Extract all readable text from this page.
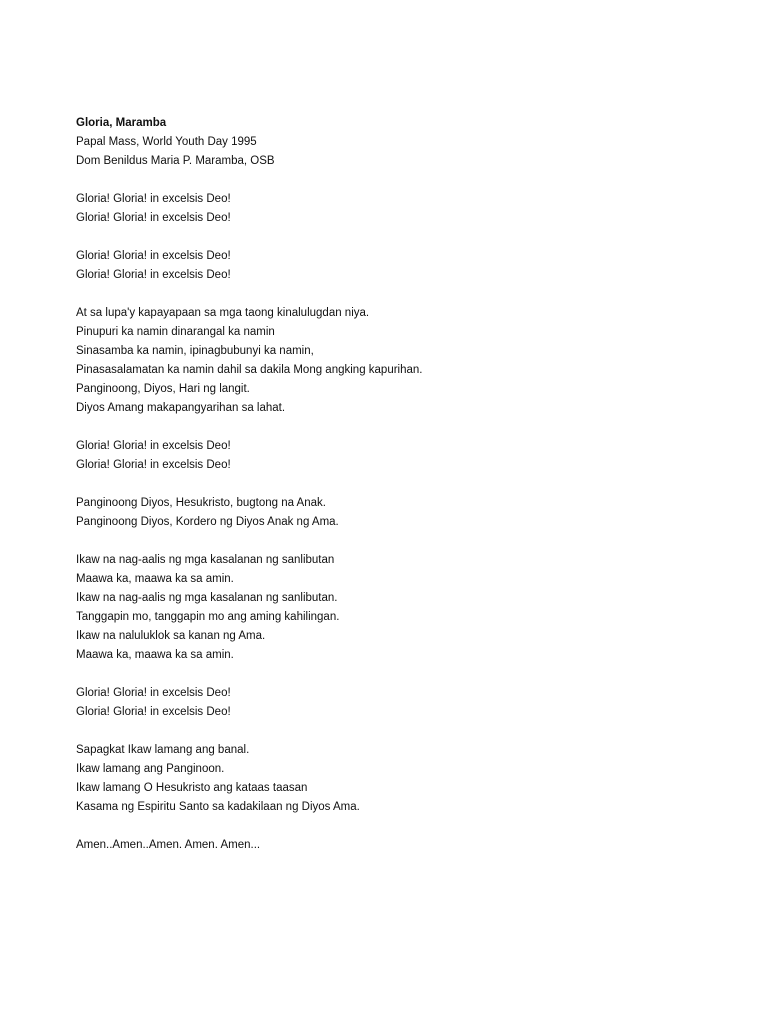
Gloria, Maramba
Papal Mass, World Youth Day 1995
Dom Benildus Maria P. Maramba, OSB
Gloria! Gloria! in excelsis Deo!
Gloria! Gloria! in excelsis Deo!
Gloria! Gloria! in excelsis Deo!
Gloria! Gloria! in excelsis Deo!
At sa lupa'y kapayapaan sa mga taong kinalulugdan niya.
Pinupuri ka namin dinarangal ka namin
Sinasamba ka namin, ipinagbubunyi ka namin,
Pinasasalamatan ka namin dahil sa dakila Mong angking kapurihan.
Panginoong, Diyos, Hari ng langit.
Diyos Amang makapangyarihan sa lahat.
Gloria! Gloria! in excelsis Deo!
Gloria! Gloria! in excelsis Deo!
Panginoong Diyos, Hesukristo, bugtong na Anak.
Panginoong Diyos, Kordero ng Diyos Anak ng Ama.
Ikaw na nag-aalis ng mga kasalanan ng sanlibutan
Maawa ka, maawa ka sa amin.
Ikaw na nag-aalis ng mga kasalanan ng sanlibutan.
Tanggapin mo, tanggapin mo ang aming kahilingan.
Ikaw na naluluklok sa kanan ng Ama.
Maawa ka, maawa ka sa amin.
Gloria! Gloria! in excelsis Deo!
Gloria! Gloria! in excelsis Deo!
Sapagkat Ikaw lamang ang banal.
Ikaw lamang ang Panginoon.
Ikaw lamang O Hesukristo ang kataas taasan
Kasama ng Espiritu Santo sa kadakilaan ng Diyos Ama.
Amen..Amen..Amen. Amen. Amen...
